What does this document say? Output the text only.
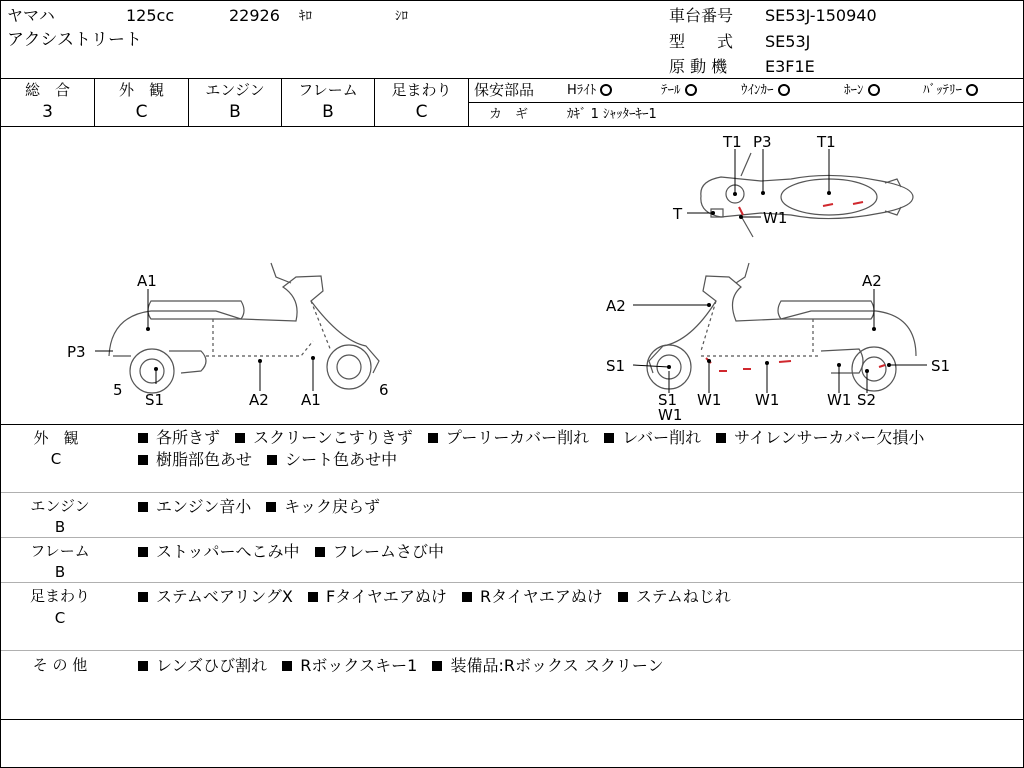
ヤマハ	125cc	22926 ｷﾛ	ｼﾛ
アクシストリート
車台番号 SE53J-150940
型　　式 SE53J
原 動 機 E3F1E
総　合	外　観	エンジン	フレーム	足まわり
3	C	B	B	C
保安部品	Hﾗｲﾄ	ﾃｰﾙ	ｳｲﾝｶｰ	ﾎｰﾝ	ﾊﾞｯﾃﾘｰ
カ　ギ	ｶｷﾞ 1 ｼｬｯﾀｰｷｰ1
T1 P3	T1
T	W1
A1
P3
5
S1	A2 A1
6
A2
A2
S1
S1
W1
W1 W1	W1 S2
S1
外　観
C
各所きず スクリーンこすりきず プーリーカバー削れ レバー削れ サイレンサーカバー欠損小
樹脂部色あせ シート色あせ中
エンジン
B
エンジン音小 キック戻らず
フレーム
B
ストッパーへこみ中 フレームさび中
足まわり
C
ステムベアリングX Fタイヤエアぬけ Rタイヤエアぬけ ステムねじれ
そ の 他	レンズひび割れ Rボックスキー1 装備品:Rボックス スクリーン
